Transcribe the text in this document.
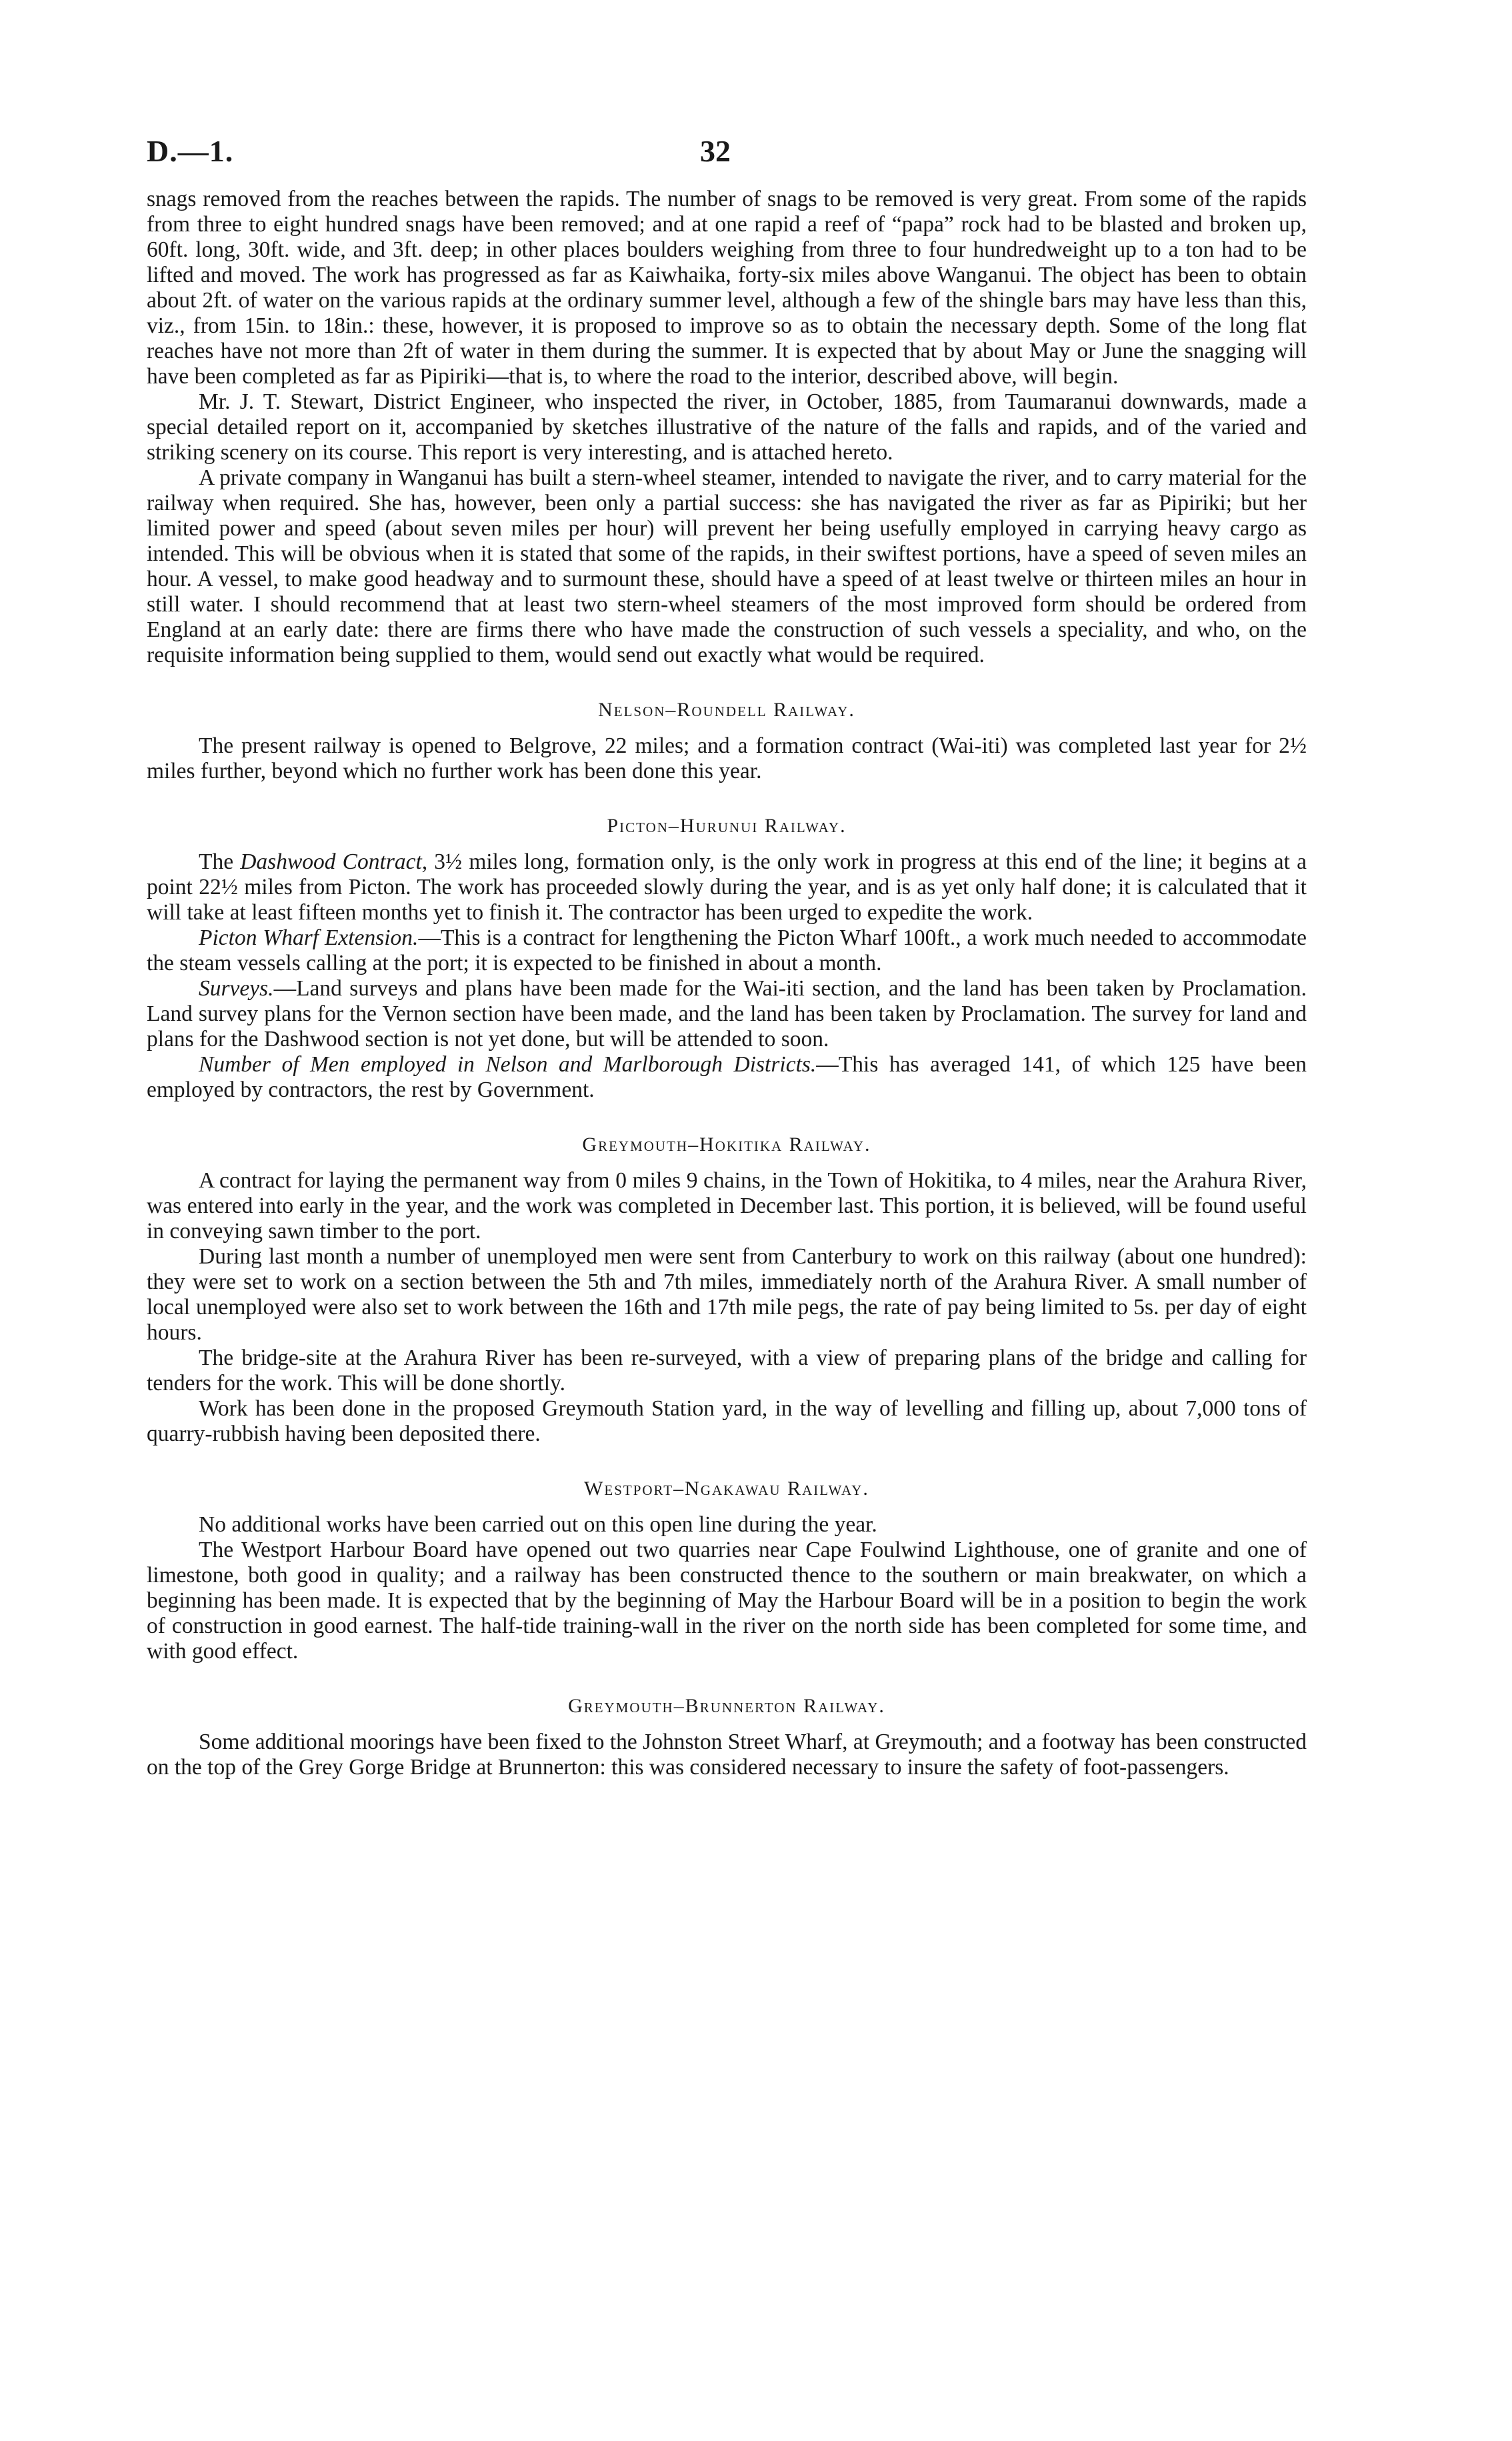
D.—1.	32

snags removed from the reaches between the rapids. The number of snags to be removed is very great. From some of the rapids from three to eight hundred snags have been removed; and at one rapid a reef of “papa” rock had to be blasted and broken up, 60ft. long, 30ft. wide, and 3ft. deep; in other places boulders weighing from three to four hundredweight up to a ton had to be lifted and moved. The work has progressed as far as Kaiwhaika, forty-six miles above Wanganui. The object has been to obtain about 2ft. of water on the various rapids at the ordinary summer level, although a few of the shingle bars may have less than this, viz., from 15in. to 18in.: these, however, it is proposed to improve so as to obtain the necessary depth. Some of the long flat reaches have not more than 2ft of water in them during the summer. It is expected that by about May or June the snagging will have been completed as far as Pipiriki—that is, to where the road to the interior, described above, will begin.

Mr. J. T. Stewart, District Engineer, who inspected the river, in October, 1885, from Taumaranui downwards, made a special detailed report on it, accompanied by sketches illustrative of the nature of the falls and rapids, and of the varied and striking scenery on its course. This report is very interesting, and is attached hereto.

A private company in Wanganui has built a stern-wheel steamer, intended to navigate the river, and to carry material for the railway when required. She has, however, been only a partial success: she has navigated the river as far as Pipiriki; but her limited power and speed (about seven miles per hour) will prevent her being usefully employed in carrying heavy cargo as intended. This will be obvious when it is stated that some of the rapids, in their swiftest portions, have a speed of seven miles an hour. A vessel, to make good headway and to surmount these, should have a speed of at least twelve or thirteen miles an hour in still water. I should recommend that at least two stern-wheel steamers of the most improved form should be ordered from England at an early date: there are firms there who have made the construction of such vessels a speciality, and who, on the requisite information being supplied to them, would send out exactly what would be required.

Nelson–Roundell Railway.

The present railway is opened to Belgrove, 22 miles; and a formation contract (Wai-iti) was completed last year for 2½ miles further, beyond which no further work has been done this year.

Picton–Hurunui Railway.

The Dashwood Contract, 3½ miles long, formation only, is the only work in progress at this end of the line; it begins at a point 22½ miles from Picton. The work has proceeded slowly during the year, and is as yet only half done; it is calculated that it will take at least fifteen months yet to finish it. The contractor has been urged to expedite the work.

Picton Wharf Extension.—This is a contract for lengthening the Picton Wharf 100ft., a work much needed to accommodate the steam vessels calling at the port; it is expected to be finished in about a month.

Surveys.—Land surveys and plans have been made for the Wai-iti section, and the land has been taken by Proclamation. Land survey plans for the Vernon section have been made, and the land has been taken by Proclamation. The survey for land and plans for the Dashwood section is not yet done, but will be attended to soon.

Number of Men employed in Nelson and Marlborough Districts.—This has averaged 141, of which 125 have been employed by contractors, the rest by Government.

Greymouth–Hokitika Railway.

A contract for laying the permanent way from 0 miles 9 chains, in the Town of Hokitika, to 4 miles, near the Arahura River, was entered into early in the year, and the work was completed in December last. This portion, it is believed, will be found useful in conveying sawn timber to the port.

During last month a number of unemployed men were sent from Canterbury to work on this railway (about one hundred): they were set to work on a section between the 5th and 7th miles, immediately north of the Arahura River. A small number of local unemployed were also set to work between the 16th and 17th mile pegs, the rate of pay being limited to 5s. per day of eight hours.

The bridge-site at the Arahura River has been re-surveyed, with a view of preparing plans of the bridge and calling for tenders for the work. This will be done shortly.

Work has been done in the proposed Greymouth Station yard, in the way of levelling and filling up, about 7,000 tons of quarry-rubbish having been deposited there.

Westport–Ngakawau Railway.

No additional works have been carried out on this open line during the year.

The Westport Harbour Board have opened out two quarries near Cape Foulwind Lighthouse, one of granite and one of limestone, both good in quality; and a railway has been constructed thence to the southern or main breakwater, on which a beginning has been made. It is expected that by the beginning of May the Harbour Board will be in a position to begin the work of construction in good earnest. The half-tide training-wall in the river on the north side has been completed for some time, and with good effect.

Greymouth–Brunnerton Railway.

Some additional moorings have been fixed to the Johnston Street Wharf, at Greymouth; and a footway has been constructed on the top of the Grey Gorge Bridge at Brunnerton: this was considered necessary to insure the safety of foot-passengers.
